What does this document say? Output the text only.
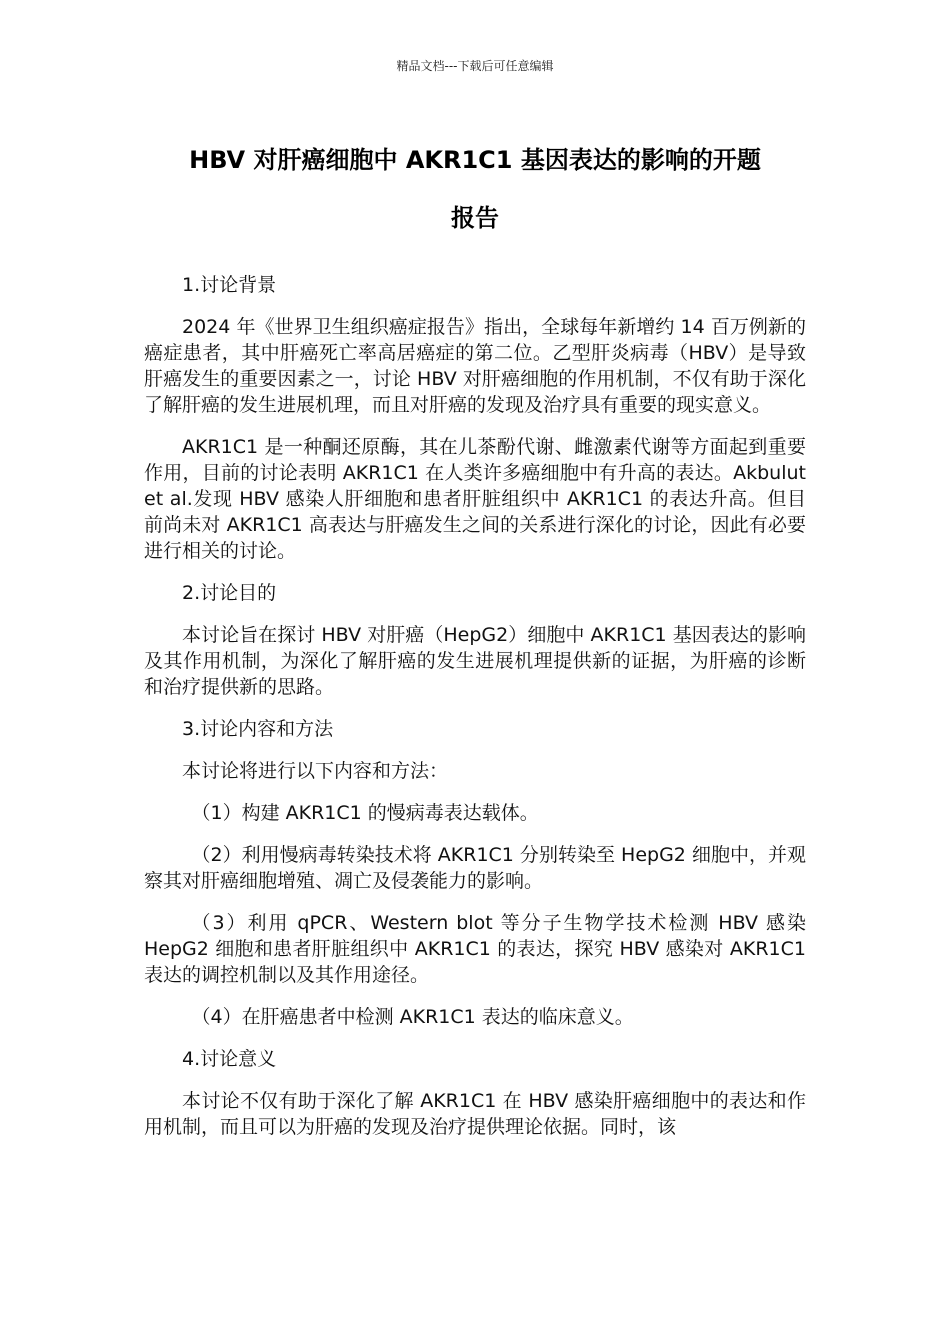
精品文档---下载后可任意编辑
HBV 对肝癌细胞中 AKR1C1 基因表达的影响的开题
报告

1.讨论背景

2024 年《世界卫生组织癌症报告》指出，全球每年新增约 14 百万例新的癌症患者，其中肝癌死亡率高居癌症的第二位。乙型肝炎病毒（HBV）是导致肝癌发生的重要因素之一，讨论 HBV 对肝癌细胞的作用机制，不仅有助于深化了解肝癌的发生进展机理，而且对肝癌的发现及治疗具有重要的现实意义。

AKR1C1 是一种酮还原酶，其在儿茶酚代谢、雌激素代谢等方面起到重要作用，目前的讨论表明 AKR1C1 在人类许多癌细胞中有升高的表达。Akbulut et al.发现 HBV 感染人肝细胞和患者肝脏组织中 AKR1C1 的表达升高。但目前尚未对 AKR1C1 高表达与肝癌发生之间的关系进行深化的讨论，因此有必要进行相关的讨论。

2.讨论目的

本讨论旨在探讨 HBV 对肝癌（HepG2）细胞中 AKR1C1 基因表达的影响及其作用机制，为深化了解肝癌的发生进展机理提供新的证据，为肝癌的诊断和治疗提供新的思路。

3.讨论内容和方法

本讨论将进行以下内容和方法：

（1）构建 AKR1C1 的慢病毒表达载体。

（2）利用慢病毒转染技术将 AKR1C1 分别转染至 HepG2 细胞中，并观察其对肝癌细胞增殖、凋亡及侵袭能力的影响。

（3）利用 qPCR、Western blot 等分子生物学技术检测 HBV 感染 HepG2 细胞和患者肝脏组织中 AKR1C1 的表达，探究 HBV 感染对 AKR1C1 表达的调控机制以及其作用途径。

（4）在肝癌患者中检测 AKR1C1 表达的临床意义。

4.讨论意义

本讨论不仅有助于深化了解 AKR1C1 在 HBV 感染肝癌细胞中的表达和作用机制，而且可以为肝癌的发现及治疗提供理论依据。同时，该
